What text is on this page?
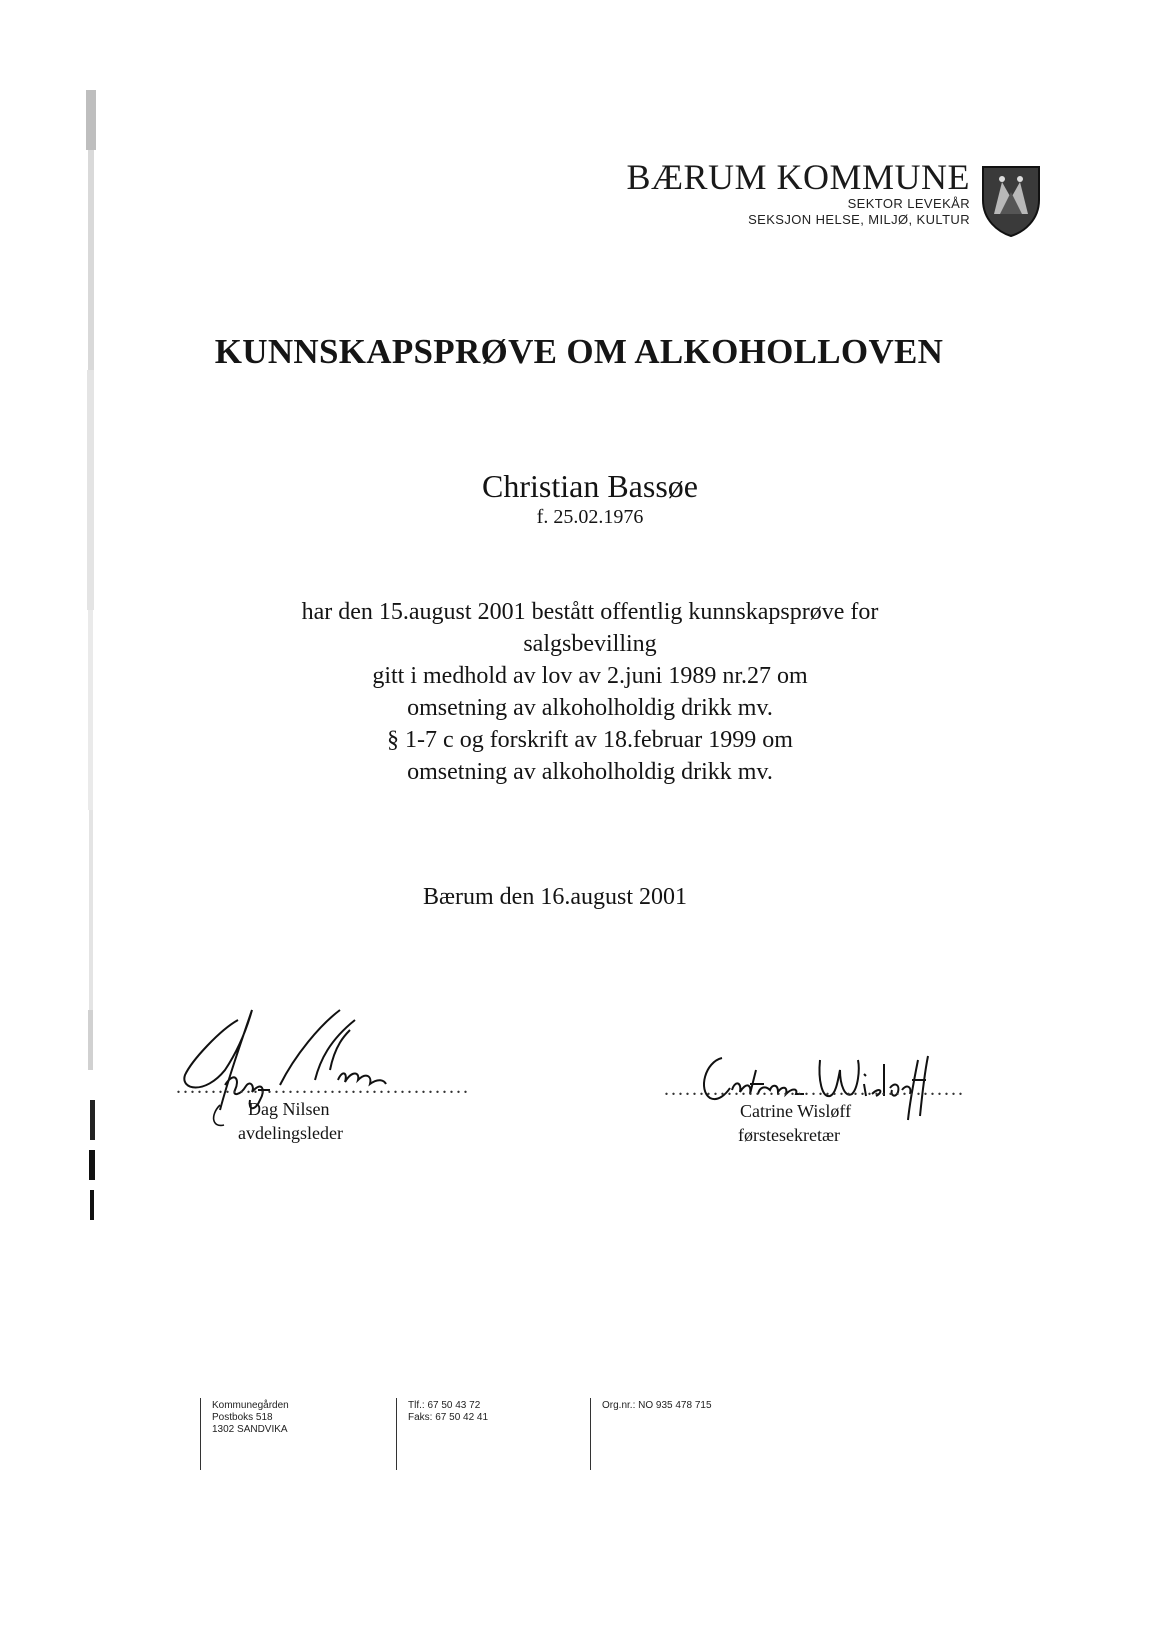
BÆRUM KOMMUNE
SEKTOR LEVEKÅR
SEKSJON HELSE, MILJØ, KULTUR
KUNNSKAPSPRØVE OM ALKOHOLLOVEN
Christian Bassøe
f. 25.02.1976
har den 15.august 2001 bestått offentlig kunnskapsprøve for
salgsbevilling
gitt i medhold av lov av 2.juni 1989 nr.27 om
omsetning av alkoholholdig drikk mv.
§ 1-7 c og forskrift av 18.februar 1999 om
omsetning av alkoholholdig drikk mv.
Bærum den 16.august 2001
..........................................
Dag Nilsen
avdelingsleder
...........................................
Catrine Wisløff
førstesekretær
Kommunegården
Postboks 518
1302 SANDVIKA
Tlf.: 67 50 43 72
Faks: 67 50 42 41
Org.nr.: NO 935 478 715
